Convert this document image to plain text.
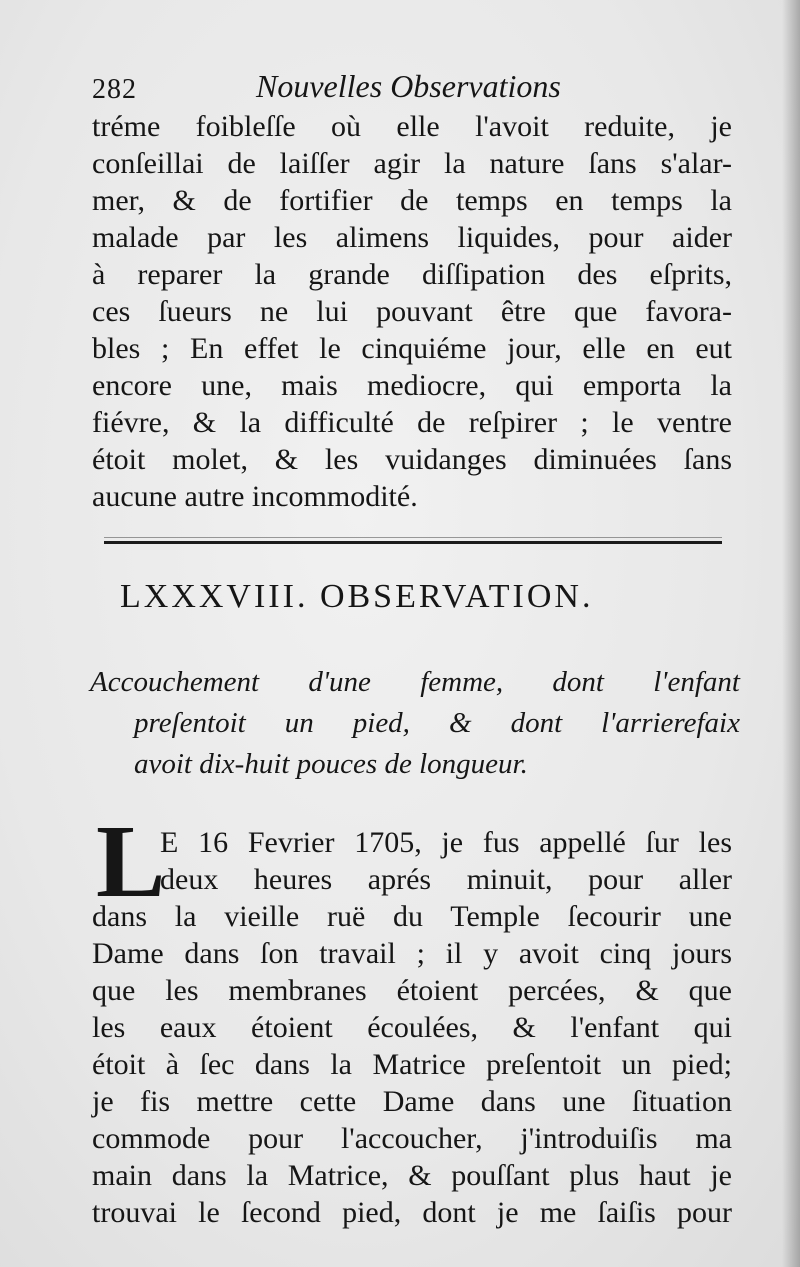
282	Nouvelles Observations
tréme foibleſſe où elle l'avoit reduite, je
conſeillai de laiſſer agir la nature ſans s'alar-
mer, & de fortifier de temps en temps la
malade par les alimens liquides, pour aider
à reparer la grande diſſipation des eſprits,
ces ſueurs ne lui pouvant être que favora-
bles ; En effet le cinquiéme jour, elle en eut
encore une, mais mediocre, qui emporta la
fiévre, & la difficulté de reſpirer ; le ventre
étoit molet, & les vuidanges diminuées ſans
aucune autre incommodité.
LXXXVIII. OBSERVATION.
Accouchement d'une femme, dont l'enfant
preſentoit un pied, & dont l'arrierefaix
avoit dix-huit pouces de longueur.
L
E 16 Fevrier 1705, je fus appellé ſur les
deux heures aprés minuit, pour aller
dans la vieille ruë du Temple ſecourir une
Dame dans ſon travail ; il y avoit cinq jours
que les membranes étoient percées, & que
les eaux étoient écoulées, & l'enfant qui
étoit à ſec dans la Matrice preſentoit un pied;
je fis mettre cette Dame dans une ſituation
commode pour l'accoucher, j'introduiſis ma
main dans la Matrice, & pouſſant plus haut je
trouvai le ſecond pied, dont je me ſaiſis pour
